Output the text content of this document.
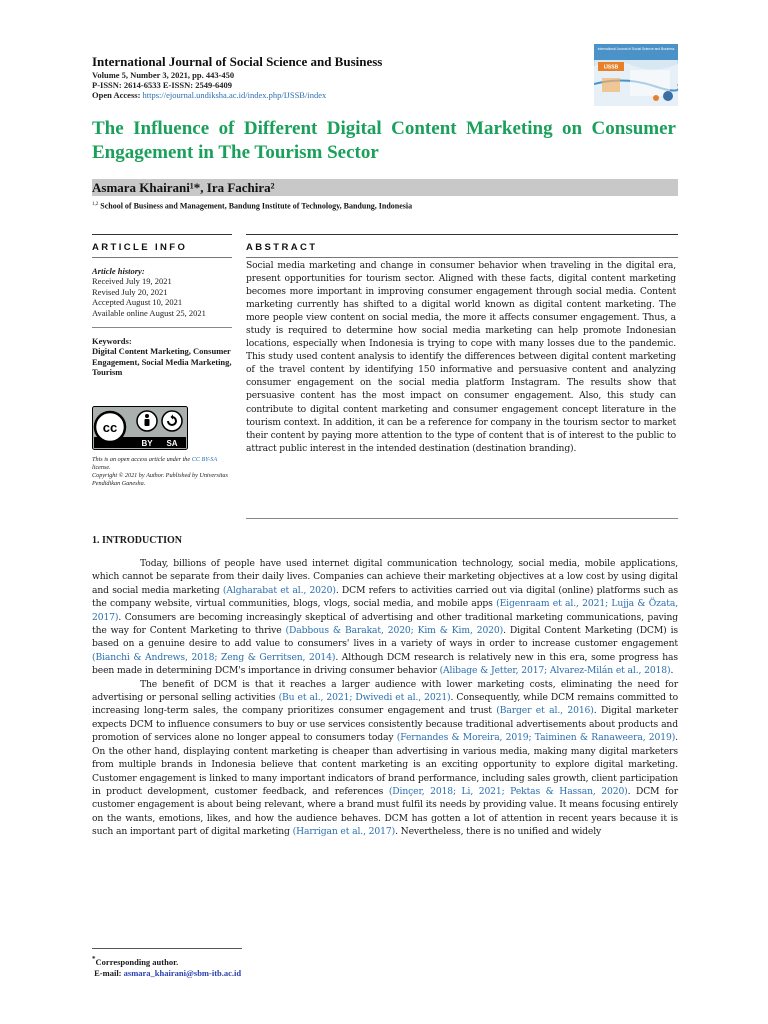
International Journal of Social Science and Business
Volume 5, Number 3, 2021, pp. 443-450
P-ISSN: 2614-6533 E-ISSN: 2549-6409
Open Access: https://ejournal.undiksha.ac.id/index.php/IJSSB/index
International Journal of Social Science and Business
IJSSB
The Influence of Different Digital Content Marketing on Consumer Engagement in The Tourism Sector
Asmara Khairani¹*, Ira Fachira²
$^{1,2}$ School of Business and Management, Bandung Institute of Technology, Bandung, Indonesia
ARTICLE INFO	ABSTRACT
Article history:
Received July 19, 2021
Revised July 20, 2021
Accepted August 10, 2021
Available online August 25, 2021
Keywords:
Digital Content Marketing, Consumer Engagement, Social Media Marketing, Tourism
cc
BY SA
This is an open access article under the CC BY-SA license.
Copyright © 2021 by Author. Published by Universitas Pendidikan Ganesha.
Social media marketing and change in consumer behavior when traveling in the digital era, present opportunities for tourism sector. Aligned with these facts, digital content marketing becomes more important in improving consumer engagement through social media. Content marketing currently has shifted to a digital world known as digital content marketing. The more people view content on social media, the more it affects consumer engagement. Thus, a study is required to determine how social media marketing can help promote Indonesian locations, especially when Indonesia is trying to cope with many losses due to the pandemic. This study used content analysis to identify the differences between digital content marketing of the travel content by identifying 150 informative and persuasive content and analyzing consumer engagement on the social media platform Instagram. The results show that persuasive content has the most impact on consumer engagement. Also, this study can contribute to digital content marketing and consumer engagement concept literature in the tourism context. In addition, it can be a reference for company in the tourism sector to market their content by paying more attention to the type of content that is of interest to the public to attract public interest in the intended destination (destination branding).
1. INTRODUCTION

Today, billions of people have used internet digital communication technology, social media, mobile applications, which cannot be separate from their daily lives. Companies can achieve their marketing objectives at a low cost by using digital and social media marketing (Algharabat et al., 2020). DCM refers to activities carried out via digital (online) platforms such as the company website, virtual communities, blogs, vlogs, social media, and mobile apps (Eigenraam et al., 2021; Lujja & Özata, 2017). Consumers are becoming increasingly skeptical of advertising and other traditional marketing communications, paving the way for Content Marketing to thrive (Dabbous & Barakat, 2020; Kim & Kim, 2020). Digital Content Marketing (DCM) is based on a genuine desire to add value to consumers' lives in a variety of ways in order to increase customer engagement (Bianchi & Andrews, 2018; Zeng & Gerritsen, 2014). Although DCM research is relatively new in this era, some progress has been made in determining DCM's importance in driving consumer behavior (Alibage & Jetter, 2017; Alvarez-Milán et al., 2018).

The benefit of DCM is that it reaches a larger audience with lower marketing costs, eliminating the need for advertising or personal selling activities (Bu et al., 2021; Dwivedi et al., 2021). Consequently, while DCM remains committed to increasing long-term sales, the company prioritizes consumer engagement and trust (Barger et al., 2016). Digital marketer expects DCM to influence consumers to buy or use services consistently because traditional advertisements about products and promotion of services alone no longer appeal to consumers today (Fernandes & Moreira, 2019; Taiminen & Ranaweera, 2019). On the other hand, displaying content marketing is cheaper than advertising in various media, making many digital marketers from multiple brands in Indonesia believe that content marketing is an exciting opportunity to explore digital marketing. Customer engagement is linked to many important indicators of brand performance, including sales growth, client participation in product development, customer feedback, and references (Dinçer, 2018; Li, 2021; Pektas & Hassan, 2020). DCM for customer engagement is about being relevant, where a brand must fulfil its needs by providing value. It means focusing entirely on the wants, emotions, likes, and how the audience behaves. DCM has gotten a lot of attention in recent years because it is such an important part of digital marketing (Harrigan et al., 2017). Nevertheless, there is no unified and widely

*Corresponding author.
E-mail: asmara_khairani@sbm-itb.ac.id
